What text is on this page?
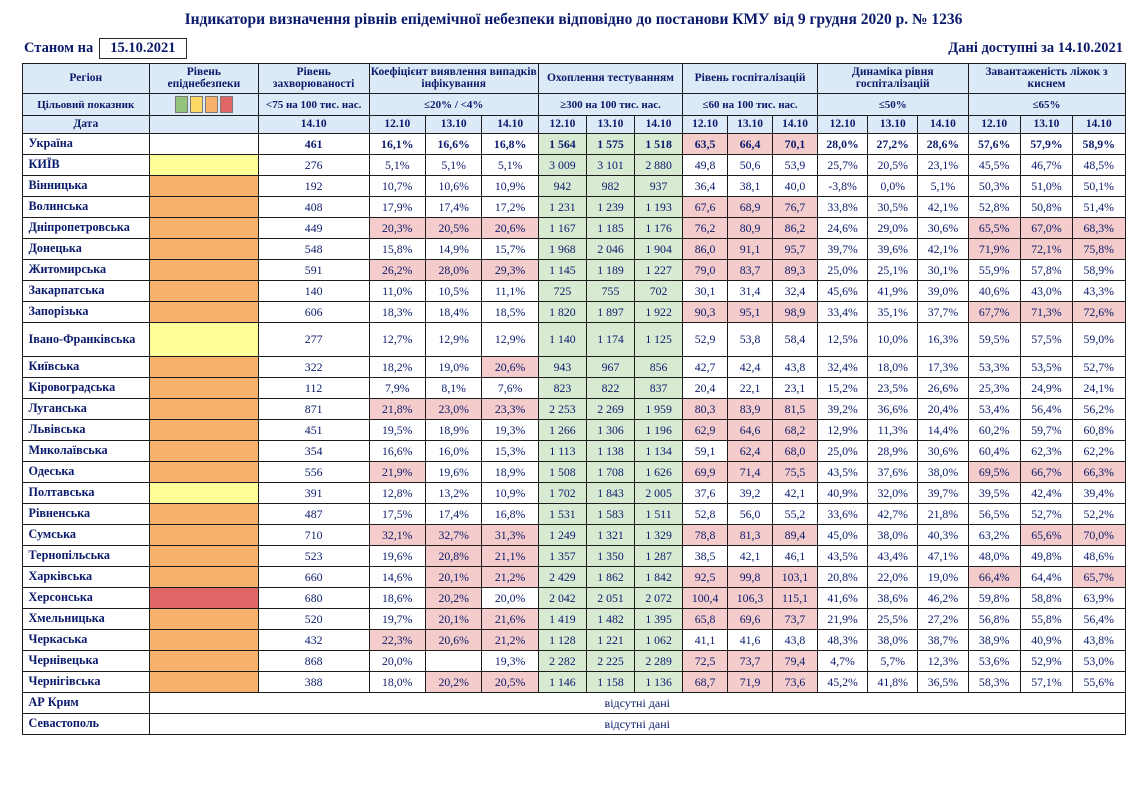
Індикатори визначення рівнів епідемічної небезпеки відповідно до постанови КМУ від 9 грудня 2020 р. № 1236
Станом на	15.10.2021	Дані доступні за 14.10.2021
Регіон	Рівень епіднебезпеки	Рівень захворюваності	Коефіцієнт виявлення випадків інфікування			Охоплення тестуванням			Рівень госпіталізацій			Динаміка рівня госпіталізацій			Завантаженість ліжок з киснем		
Цільовий показник		<75 на 100 тис. нас.	≤20% / <4%			≥300 на 100 тис. нас.			≤60 на 100 тис. нас.			≤50%			≤65%		
Дата		14.10	12.10	13.10	14.10	12.10	13.10	14.10	12.10	13.10	14.10	12.10	13.10	14.10	12.10	13.10	14.10
Україна		461	16,1%	16,6%	16,8%	1 564	1 575	1 518	63,5	66,4	70,1	28,0%	27,2%	28,6%	57,6%	57,9%	58,9%
КИЇВ		276	5,1%	5,1%	5,1%	3 009	3 101	2 880	49,8	50,6	53,9	25,7%	20,5%	23,1%	45,5%	46,7%	48,5%
Вінницька		192	10,7%	10,6%	10,9%	942	982	937	36,4	38,1	40,0	-3,8%	0,0%	5,1%	50,3%	51,0%	50,1%
Волинська		408	17,9%	17,4%	17,2%	1 231	1 239	1 193	67,6	68,9	76,7	33,8%	30,5%	42,1%	52,8%	50,8%	51,4%
Дніпропетровська		449	20,3%	20,5%	20,6%	1 167	1 185	1 176	76,2	80,9	86,2	24,6%	29,0%	30,6%	65,5%	67,0%	68,3%
Донецька		548	15,8%	14,9%	15,7%	1 968	2 046	1 904	86,0	91,1	95,7	39,7%	39,6%	42,1%	71,9%	72,1%	75,8%
Житомирська		591	26,2%	28,0%	29,3%	1 145	1 189	1 227	79,0	83,7	89,3	25,0%	25,1%	30,1%	55,9%	57,8%	58,9%
Закарпатська		140	11,0%	10,5%	11,1%	725	755	702	30,1	31,4	32,4	45,6%	41,9%	39,0%	40,6%	43,0%	43,3%
Запорізька		606	18,3%	18,4%	18,5%	1 820	1 897	1 922	90,3	95,1	98,9	33,4%	35,1%	37,7%	67,7%	71,3%	72,6%
Івано-Франківська		277	12,7%	12,9%	12,9%	1 140	1 174	1 125	52,9	53,8	58,4	12,5%	10,0%	16,3%	59,5%	57,5%	59,0%
Київська		322	18,2%	19,0%	20,6%	943	967	856	42,7	42,4	43,8	32,4%	18,0%	17,3%	53,3%	53,5%	52,7%
Кіровоградська		112	7,9%	8,1%	7,6%	823	822	837	20,4	22,1	23,1	15,2%	23,5%	26,6%	25,3%	24,9%	24,1%
Луганська		871	21,8%	23,0%	23,3%	2 253	2 269	1 959	80,3	83,9	81,5	39,2%	36,6%	20,4%	53,4%	56,4%	56,2%
Львівська		451	19,5%	18,9%	19,3%	1 266	1 306	1 196	62,9	64,6	68,2	12,9%	11,3%	14,4%	60,2%	59,7%	60,8%
Миколаївська		354	16,6%	16,0%	15,3%	1 113	1 138	1 134	59,1	62,4	68,0	25,0%	28,9%	30,6%	60,4%	62,3%	62,2%
Одеська		556	21,9%	19,6%	18,9%	1 508	1 708	1 626	69,9	71,4	75,5	43,5%	37,6%	38,0%	69,5%	66,7%	66,3%
Полтавська		391	12,8%	13,2%	10,9%	1 702	1 843	2 005	37,6	39,2	42,1	40,9%	32,0%	39,7%	39,5%	42,4%	39,4%
Рівненська		487	17,5%	17,4%	16,8%	1 531	1 583	1 511	52,8	56,0	55,2	33,6%	42,7%	21,8%	56,5%	52,7%	52,2%
Сумська		710	32,1%	32,7%	31,3%	1 249	1 321	1 329	78,8	81,3	89,4	45,0%	38,0%	40,3%	63,2%	65,6%	70,0%
Тернопільська		523	19,6%	20,8%	21,1%	1 357	1 350	1 287	38,5	42,1	46,1	43,5%	43,4%	47,1%	48,0%	49,8%	48,6%
Харківська		660	14,6%	20,1%	21,2%	2 429	1 862	1 842	92,5	99,8	103,1	20,8%	22,0%	19,0%	66,4%	64,4%	65,7%
Херсонська		680	18,6%	20,2%	20,0%	2 042	2 051	2 072	100,4	106,3	115,1	41,6%	38,6%	46,2%	59,8%	58,8%	63,9%
Хмельницька		520	19,7%	20,1%	21,6%	1 419	1 482	1 395	65,8	69,6	73,7	21,9%	25,5%	27,2%	56,8%	55,8%	56,4%
Черкаська		432	22,3%	20,6%	21,2%	1 128	1 221	1 062	41,1	41,6	43,8	48,3%	38,0%	38,7%	38,9%	40,9%	43,8%
Чернівецька		868	20,0%		19,3%	2 282	2 225	2 289	72,5	73,7	79,4	4,7%	5,7%	12,3%	53,6%	52,9%	53,0%
Чернігівська		388	18,0%	20,2%	20,5%	1 146	1 158	1 136	68,7	71,9	73,6	45,2%	41,8%	36,5%	58,3%	57,1%	55,6%
АР Крим	відсутні дані																
Севастополь	відсутні дані																
